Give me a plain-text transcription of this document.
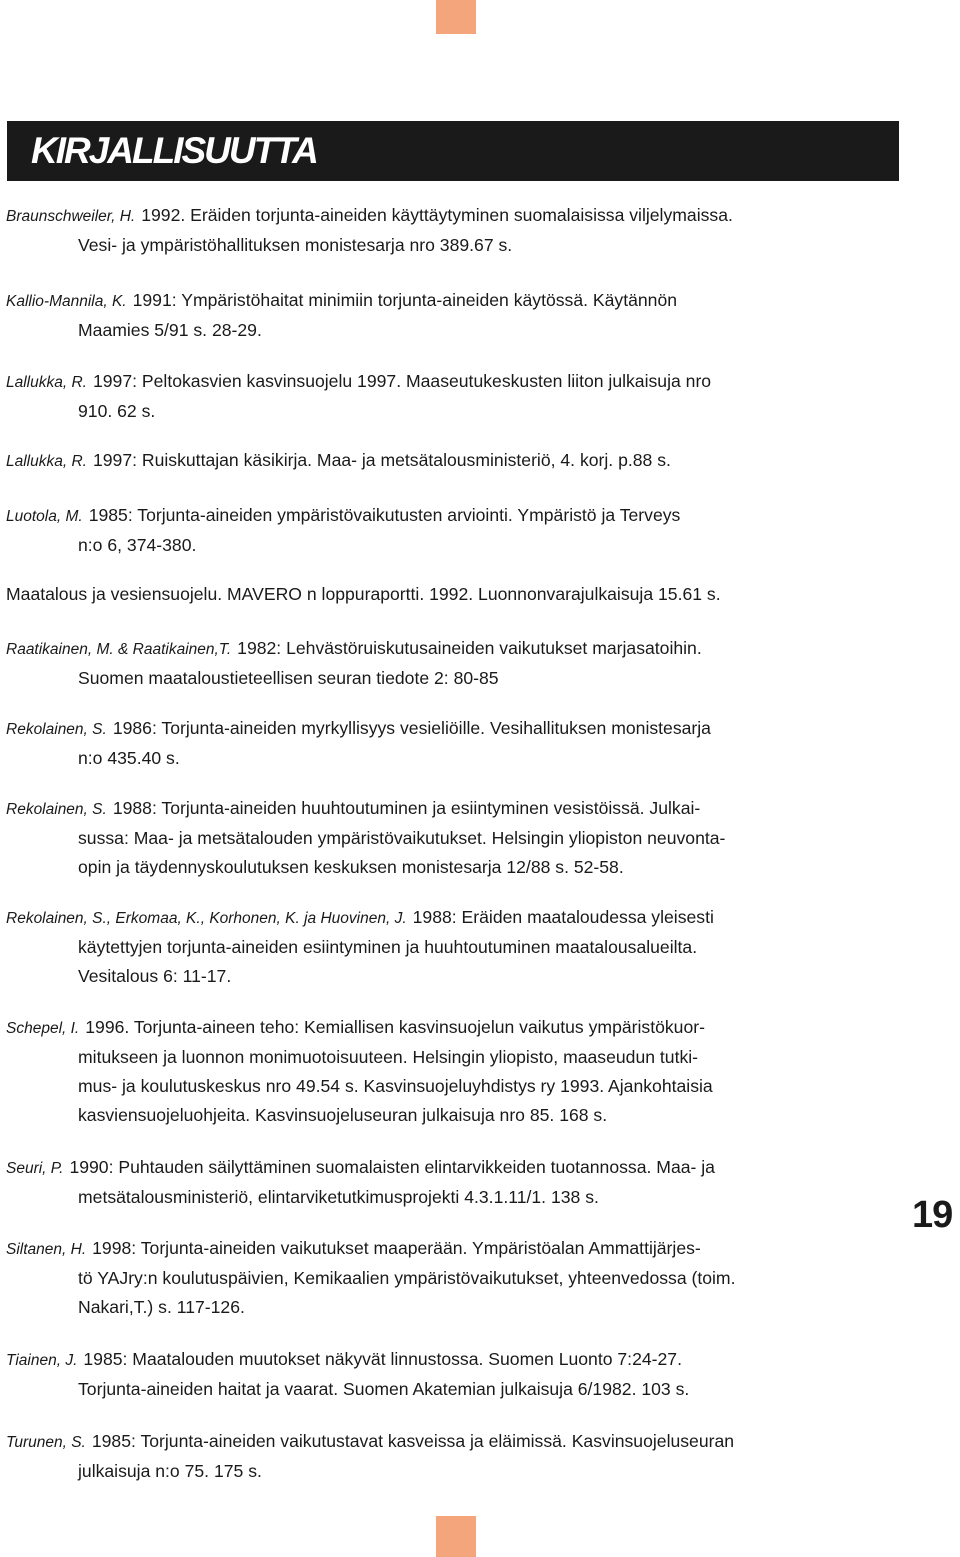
KIRJALLISUUTTA
Braunschweiler, H. 1992. Eräiden torjunta-aineiden käyttäytyminen suomalaisissa viljelymaissa.
Vesi- ja ympäristöhallituksen monistesarja nro 389.67 s.
Kallio-Mannila, K. 1991: Ympäristöhaitat minimiin torjunta-aineiden käytössä. Käytännön
Maamies 5/91 s. 28-29.
Lallukka, R. 1997: Peltokasvien kasvinsuojelu 1997. Maaseutukeskusten liiton julkaisuja nro
910. 62 s.
Lallukka, R. 1997: Ruiskuttajan käsikirja. Maa- ja metsätalousministeriö, 4. korj. p.88 s.
Luotola, M. 1985: Torjunta-aineiden ympäristövaikutusten arviointi. Ympäristö ja Terveys
n:o 6, 374-380.
Maatalous ja vesiensuojelu. MAVERO n loppuraportti. 1992. Luonnonvarajulkaisuja 15.61 s.
Raatikainen, M. & Raatikainen,T. 1982: Lehvästöruiskutusaineiden vaikutukset marjasatoihin.
Suomen maataloustieteellisen seuran tiedote 2: 80-85
Rekolainen, S. 1986: Torjunta-aineiden myrkyllisyys vesieliöille. Vesihallituksen monistesarja
n:o 435.40 s.
Rekolainen, S. 1988: Torjunta-aineiden huuhtoutuminen ja esiintyminen vesistöissä. Julkai-
sussa: Maa- ja metsätalouden ympäristövaikutukset. Helsingin yliopiston neuvonta-
opin ja täydennyskoulutuksen keskuksen monistesarja 12/88 s. 52-58.
Rekolainen, S., Erkomaa, K., Korhonen, K. ja Huovinen, J. 1988: Eräiden maataloudessa yleisesti
käytettyjen torjunta-aineiden esiintyminen ja huuhtoutuminen maatalousalueilta.
Vesitalous 6: 11-17.
Schepel, I. 1996. Torjunta-aineen teho: Kemiallisen kasvinsuojelun vaikutus ympäristökuor-
mitukseen ja luonnon monimuotoisuuteen. Helsingin yliopisto, maaseudun tutki-
mus- ja koulutuskeskus nro 49.54 s. Kasvinsuojeluyhdistys ry 1993. Ajankohtaisia
kasviensuojeluohjeita. Kasvinsuojeluseuran julkaisuja nro 85. 168 s.
Seuri, P. 1990: Puhtauden säilyttäminen suomalaisten elintarvikkeiden tuotannossa. Maa- ja
metsätalousministeriö, elintarviketutkimusprojekti 4.3.1.11/1. 138 s.
Siltanen, H. 1998: Torjunta-aineiden vaikutukset maaperään. Ympäristöalan Ammattijärjes-
tö YAJry:n koulutuspäivien, Kemikaalien ympäristövaikutukset, yhteenvedossa (toim.
Nakari,T.) s. 117-126.
Tiainen, J. 1985: Maatalouden muutokset näkyvät linnustossa. Suomen Luonto 7:24-27.
Torjunta-aineiden haitat ja vaarat. Suomen Akatemian julkaisuja 6/1982. 103 s.
Turunen, S. 1985: Torjunta-aineiden vaikutustavat kasveissa ja eläimissä. Kasvinsuojeluseuran
julkaisuja n:o 75. 175 s.
19
